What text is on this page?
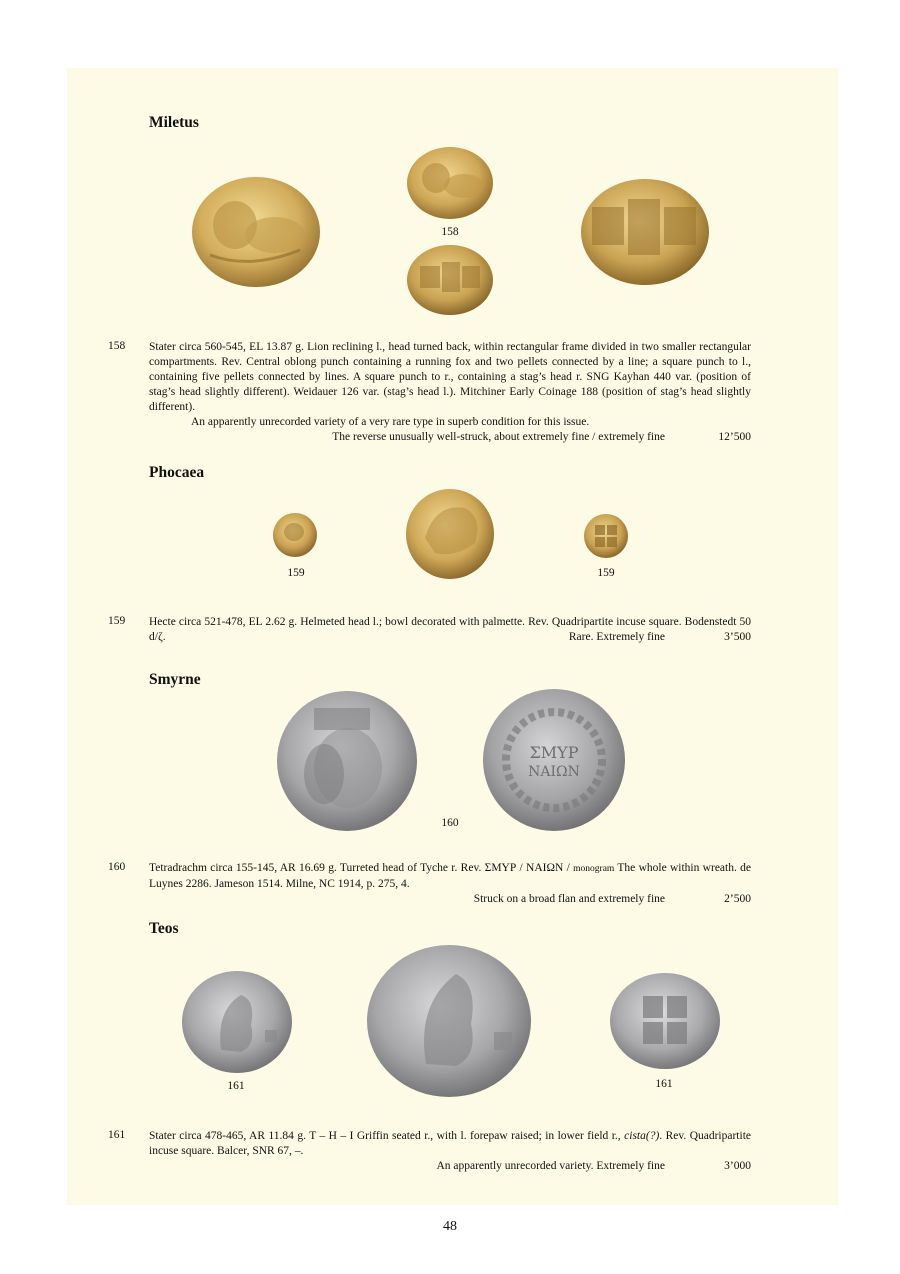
Miletus
158
158 Stater circa 560-545, EL 13.87 g. Lion reclining l., head turned back, within rectangular frame divided in two smaller rectangular compartments. Rev. Central oblong punch containing a running fox and two pellets connected by a line; a square punch to l., containing five pellets connected by lines. A square punch to r., containing a stag’s head r. SNG Kayhan 440 var. (position of stag’s head slightly different). Weidauer 126 var. (stag’s head l.). Mitchiner Early Coinage 188 (position of stag’s head slightly different).

An apparently unrecorded variety of a very rare type in superb condition for this issue.

The reverse unusually well-struck, about extremely fine / extremely fine	12’500
Phocaea
159	159
159 Hecte circa 521-478, EL 2.62 g. Helmeted head l.; bowl decorated with palmette. Rev. Quadripartite incuse square. Bodenstedt 50 d/ζ.	Rare. Extremely fine	3’500
Smyrne
ΣΜΥΡ
ΝΑΙΩΝ
160
160 Tetradrachm circa 155-145, AR 16.69 g. Turreted head of Tyche r. Rev. ΣΜΥΡ / ΝΑΙΩΝ / monogram The whole within wreath. de Luynes 2286. Jameson 1514. Milne, NC 1914, p. 275, 4.

Struck on a broad flan and extremely fine	2’500
Teos
161	161
161 Stater circa 478-465, AR 11.84 g. T – H – I Griffin seated r., with l. forepaw raised; in lower field r., cista(?). Rev. Quadripartite incuse square. Balcer, SNR 67, –.

An apparently unrecorded variety. Extremely fine	3’000
48
